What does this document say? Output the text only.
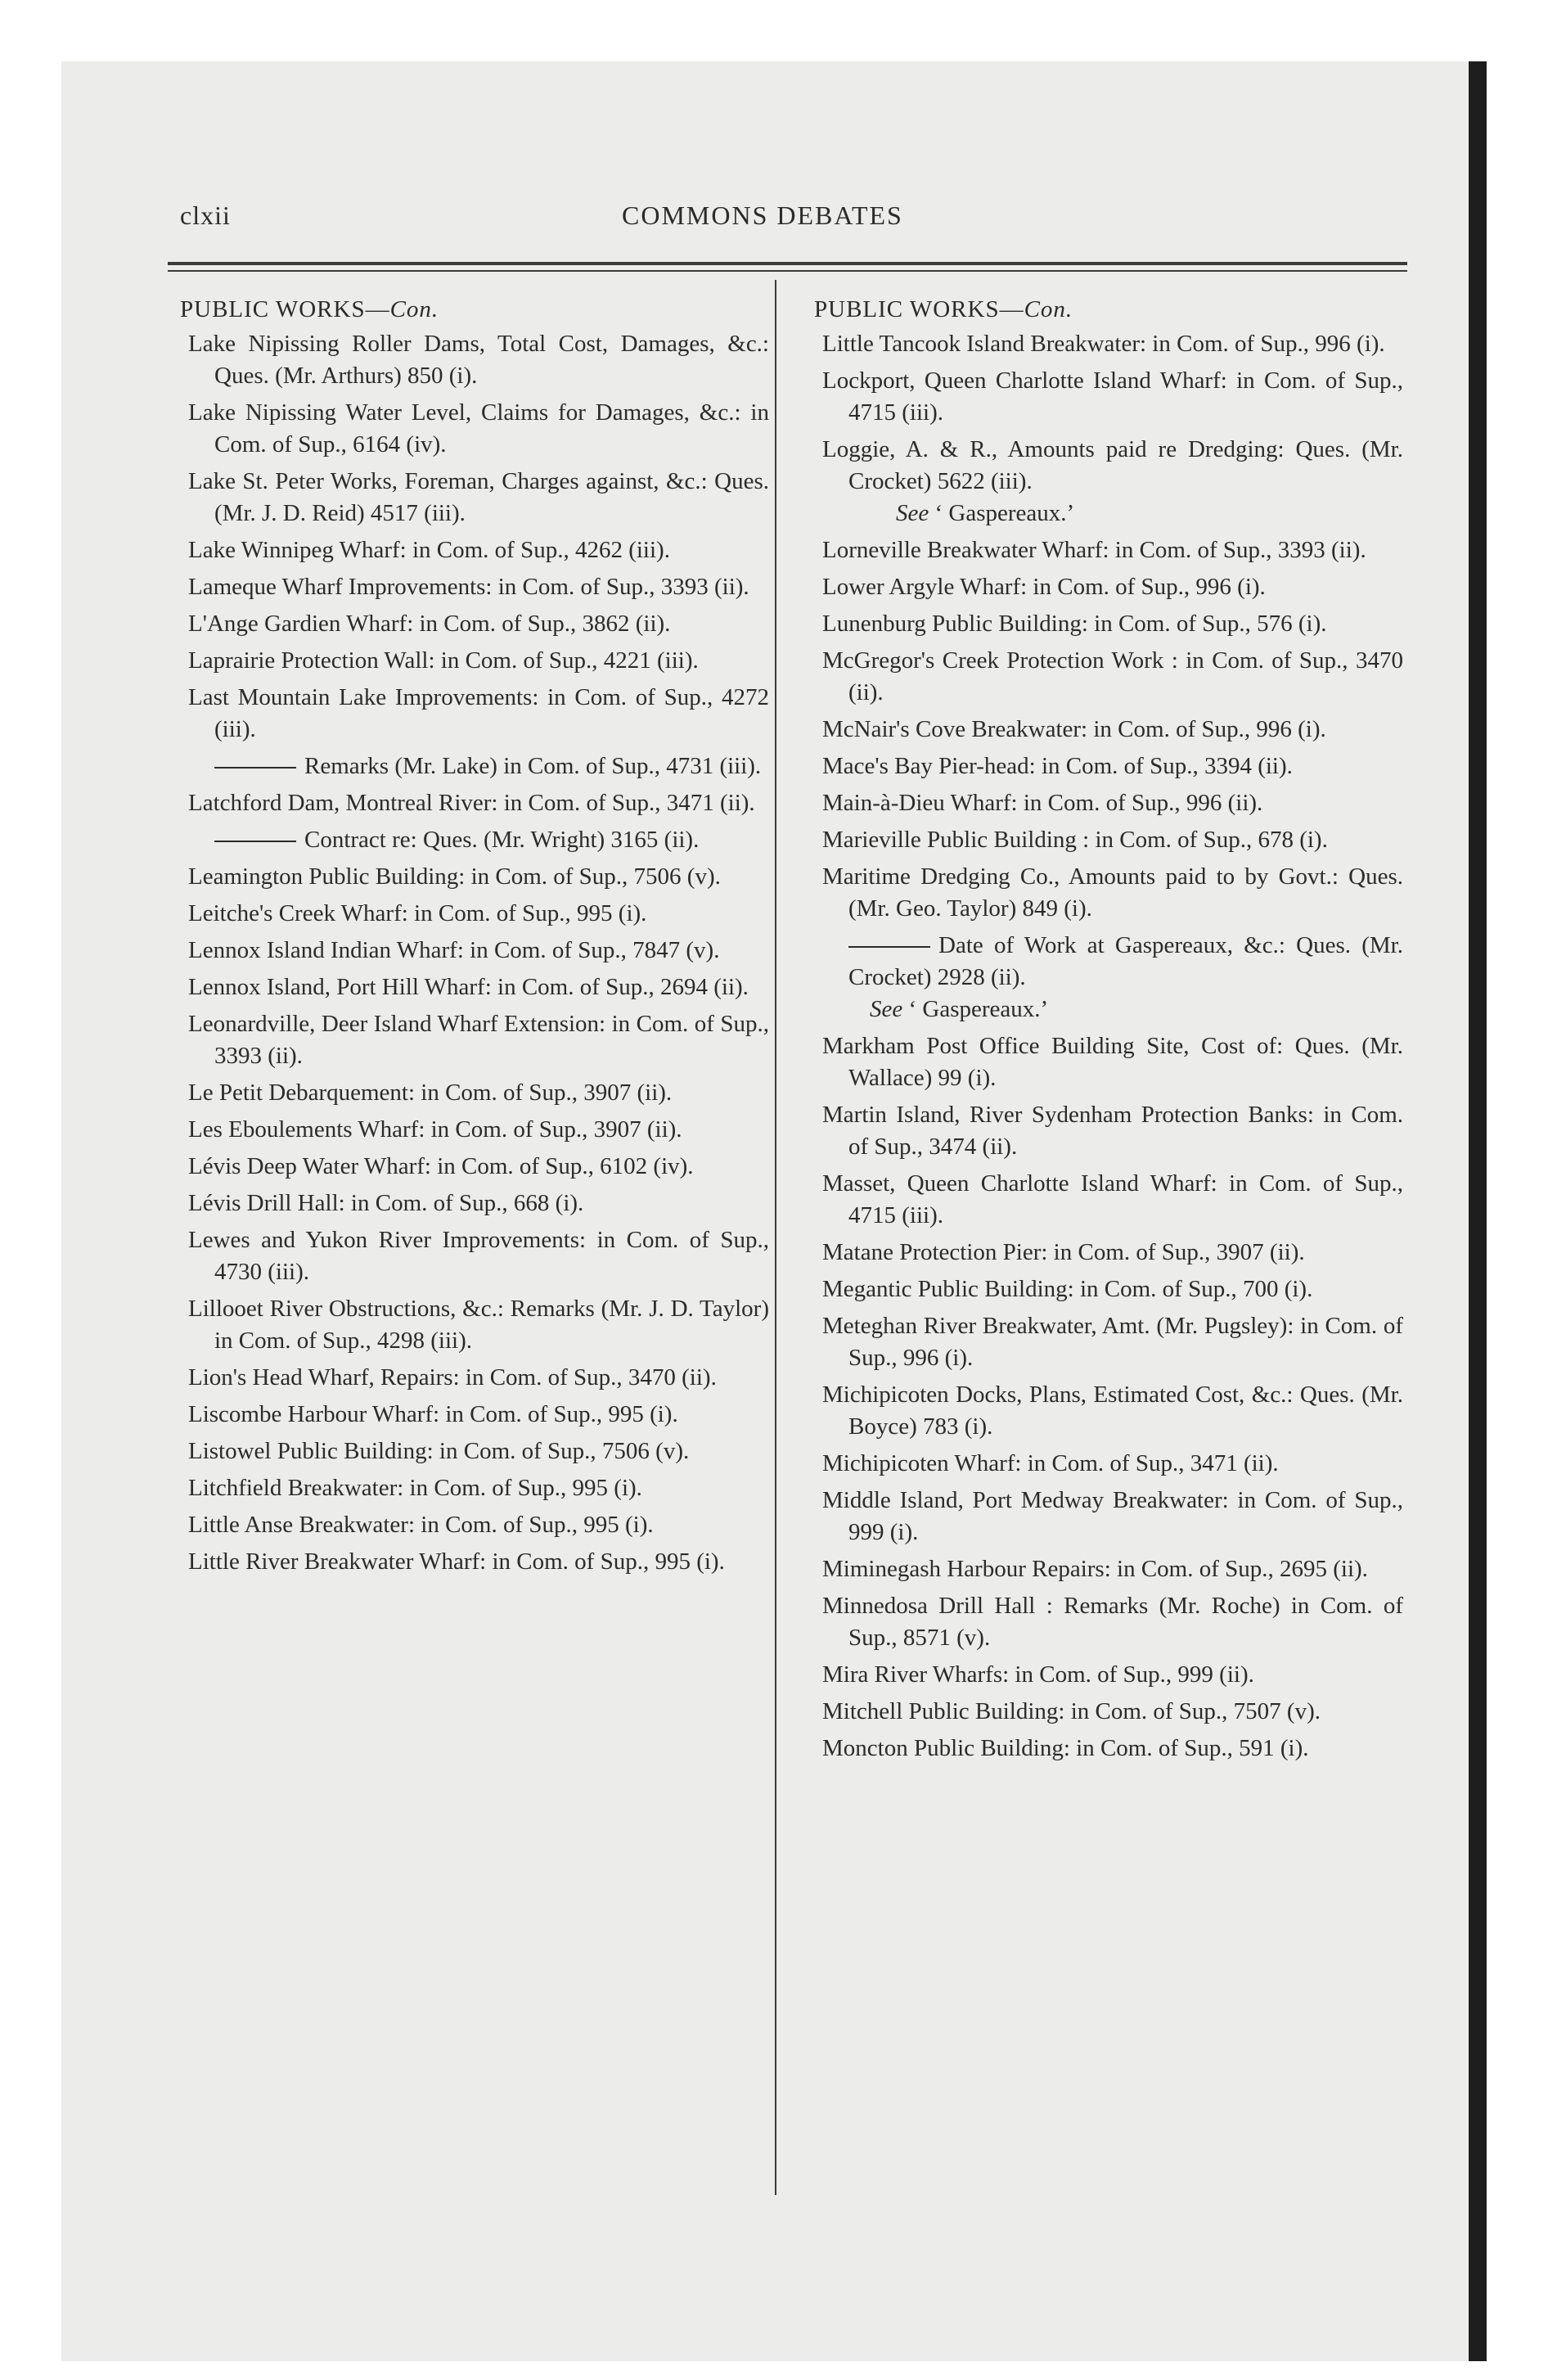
clxii	COMMONS DEBATES
PUBLIC WORKS—Con.
Lake Nipissing Roller Dams, Total Cost, Damages, &c.: Ques. (Mr. Arthurs) 850 (i).
Lake Nipissing Water Level, Claims for Damages, &c.: in Com. of Sup., 6164 (iv).
Lake St. Peter Works, Foreman, Charges against, &c.: Ques. (Mr. J. D. Reid) 4517 (iii).
Lake Winnipeg Wharf: in Com. of Sup., 4262 (iii).
Lameque Wharf Improvements: in Com. of Sup., 3393 (ii).
L'Ange Gardien Wharf: in Com. of Sup., 3862 (ii).
Laprairie Protection Wall: in Com. of Sup., 4221 (iii).
Last Mountain Lake Improvements: in Com. of Sup., 4272 (iii).
Remarks (Mr. Lake) in Com. of Sup., 4731 (iii).
Latchford Dam, Montreal River: in Com. of Sup., 3471 (ii).
Contract re: Ques. (Mr. Wright) 3165 (ii).
Leamington Public Building: in Com. of Sup., 7506 (v).
Leitche's Creek Wharf: in Com. of Sup., 995 (i).
Lennox Island Indian Wharf: in Com. of Sup., 7847 (v).
Lennox Island, Port Hill Wharf: in Com. of Sup., 2694 (ii).
Leonardville, Deer Island Wharf Extension: in Com. of Sup., 3393 (ii).
Le Petit Debarquement: in Com. of Sup., 3907 (ii).
Les Eboulements Wharf: in Com. of Sup., 3907 (ii).
Lévis Deep Water Wharf: in Com. of Sup., 6102 (iv).
Lévis Drill Hall: in Com. of Sup., 668 (i).
Lewes and Yukon River Improvements: in Com. of Sup., 4730 (iii).
Lillooet River Obstructions, &c.: Remarks (Mr. J. D. Taylor) in Com. of Sup., 4298 (iii).
Lion's Head Wharf, Repairs: in Com. of Sup., 3470 (ii).
Liscombe Harbour Wharf: in Com. of Sup., 995 (i).
Listowel Public Building: in Com. of Sup., 7506 (v).
Litchfield Breakwater: in Com. of Sup., 995 (i).
Little Anse Breakwater: in Com. of Sup., 995 (i).
Little River Breakwater Wharf: in Com. of Sup., 995 (i).
PUBLIC WORKS—Con.
Little Tancook Island Breakwater: in Com. of Sup., 996 (i).
Lockport, Queen Charlotte Island Wharf: in Com. of Sup., 4715 (iii).
Loggie, A. & R., Amounts paid re Dredging: Ques. (Mr. Crocket) 5622 (iii).
See ‘ Gaspereaux.’
Lorneville Breakwater Wharf: in Com. of Sup., 3393 (ii).
Lower Argyle Wharf: in Com. of Sup., 996 (i).
Lunenburg Public Building: in Com. of Sup., 576 (i).
McGregor's Creek Protection Work : in Com. of Sup., 3470 (ii).
McNair's Cove Breakwater: in Com. of Sup., 996 (i).
Mace's Bay Pier-head: in Com. of Sup., 3394 (ii).
Main-à-Dieu Wharf: in Com. of Sup., 996 (ii).
Marieville Public Building : in Com. of Sup., 678 (i).
Maritime Dredging Co., Amounts paid to by Govt.: Ques. (Mr. Geo. Taylor) 849 (i).
Date of Work at Gaspereaux, &c.: Ques. (Mr. Crocket) 2928 (ii).
See ‘ Gaspereaux.’
Markham Post Office Building Site, Cost of: Ques. (Mr. Wallace) 99 (i).
Martin Island, River Sydenham Protection Banks: in Com. of Sup., 3474 (ii).
Masset, Queen Charlotte Island Wharf: in Com. of Sup., 4715 (iii).
Matane Protection Pier: in Com. of Sup., 3907 (ii).
Megantic Public Building: in Com. of Sup., 700 (i).
Meteghan River Breakwater, Amt. (Mr. Pugsley): in Com. of Sup., 996 (i).
Michipicoten Docks, Plans, Estimated Cost, &c.: Ques. (Mr. Boyce) 783 (i).
Michipicoten Wharf: in Com. of Sup., 3471 (ii).
Middle Island, Port Medway Breakwater: in Com. of Sup., 999 (i).
Miminegash Harbour Repairs: in Com. of Sup., 2695 (ii).
Minnedosa Drill Hall : Remarks (Mr. Roche) in Com. of Sup., 8571 (v).
Mira River Wharfs: in Com. of Sup., 999 (ii).
Mitchell Public Building: in Com. of Sup., 7507 (v).
Moncton Public Building: in Com. of Sup., 591 (i).
